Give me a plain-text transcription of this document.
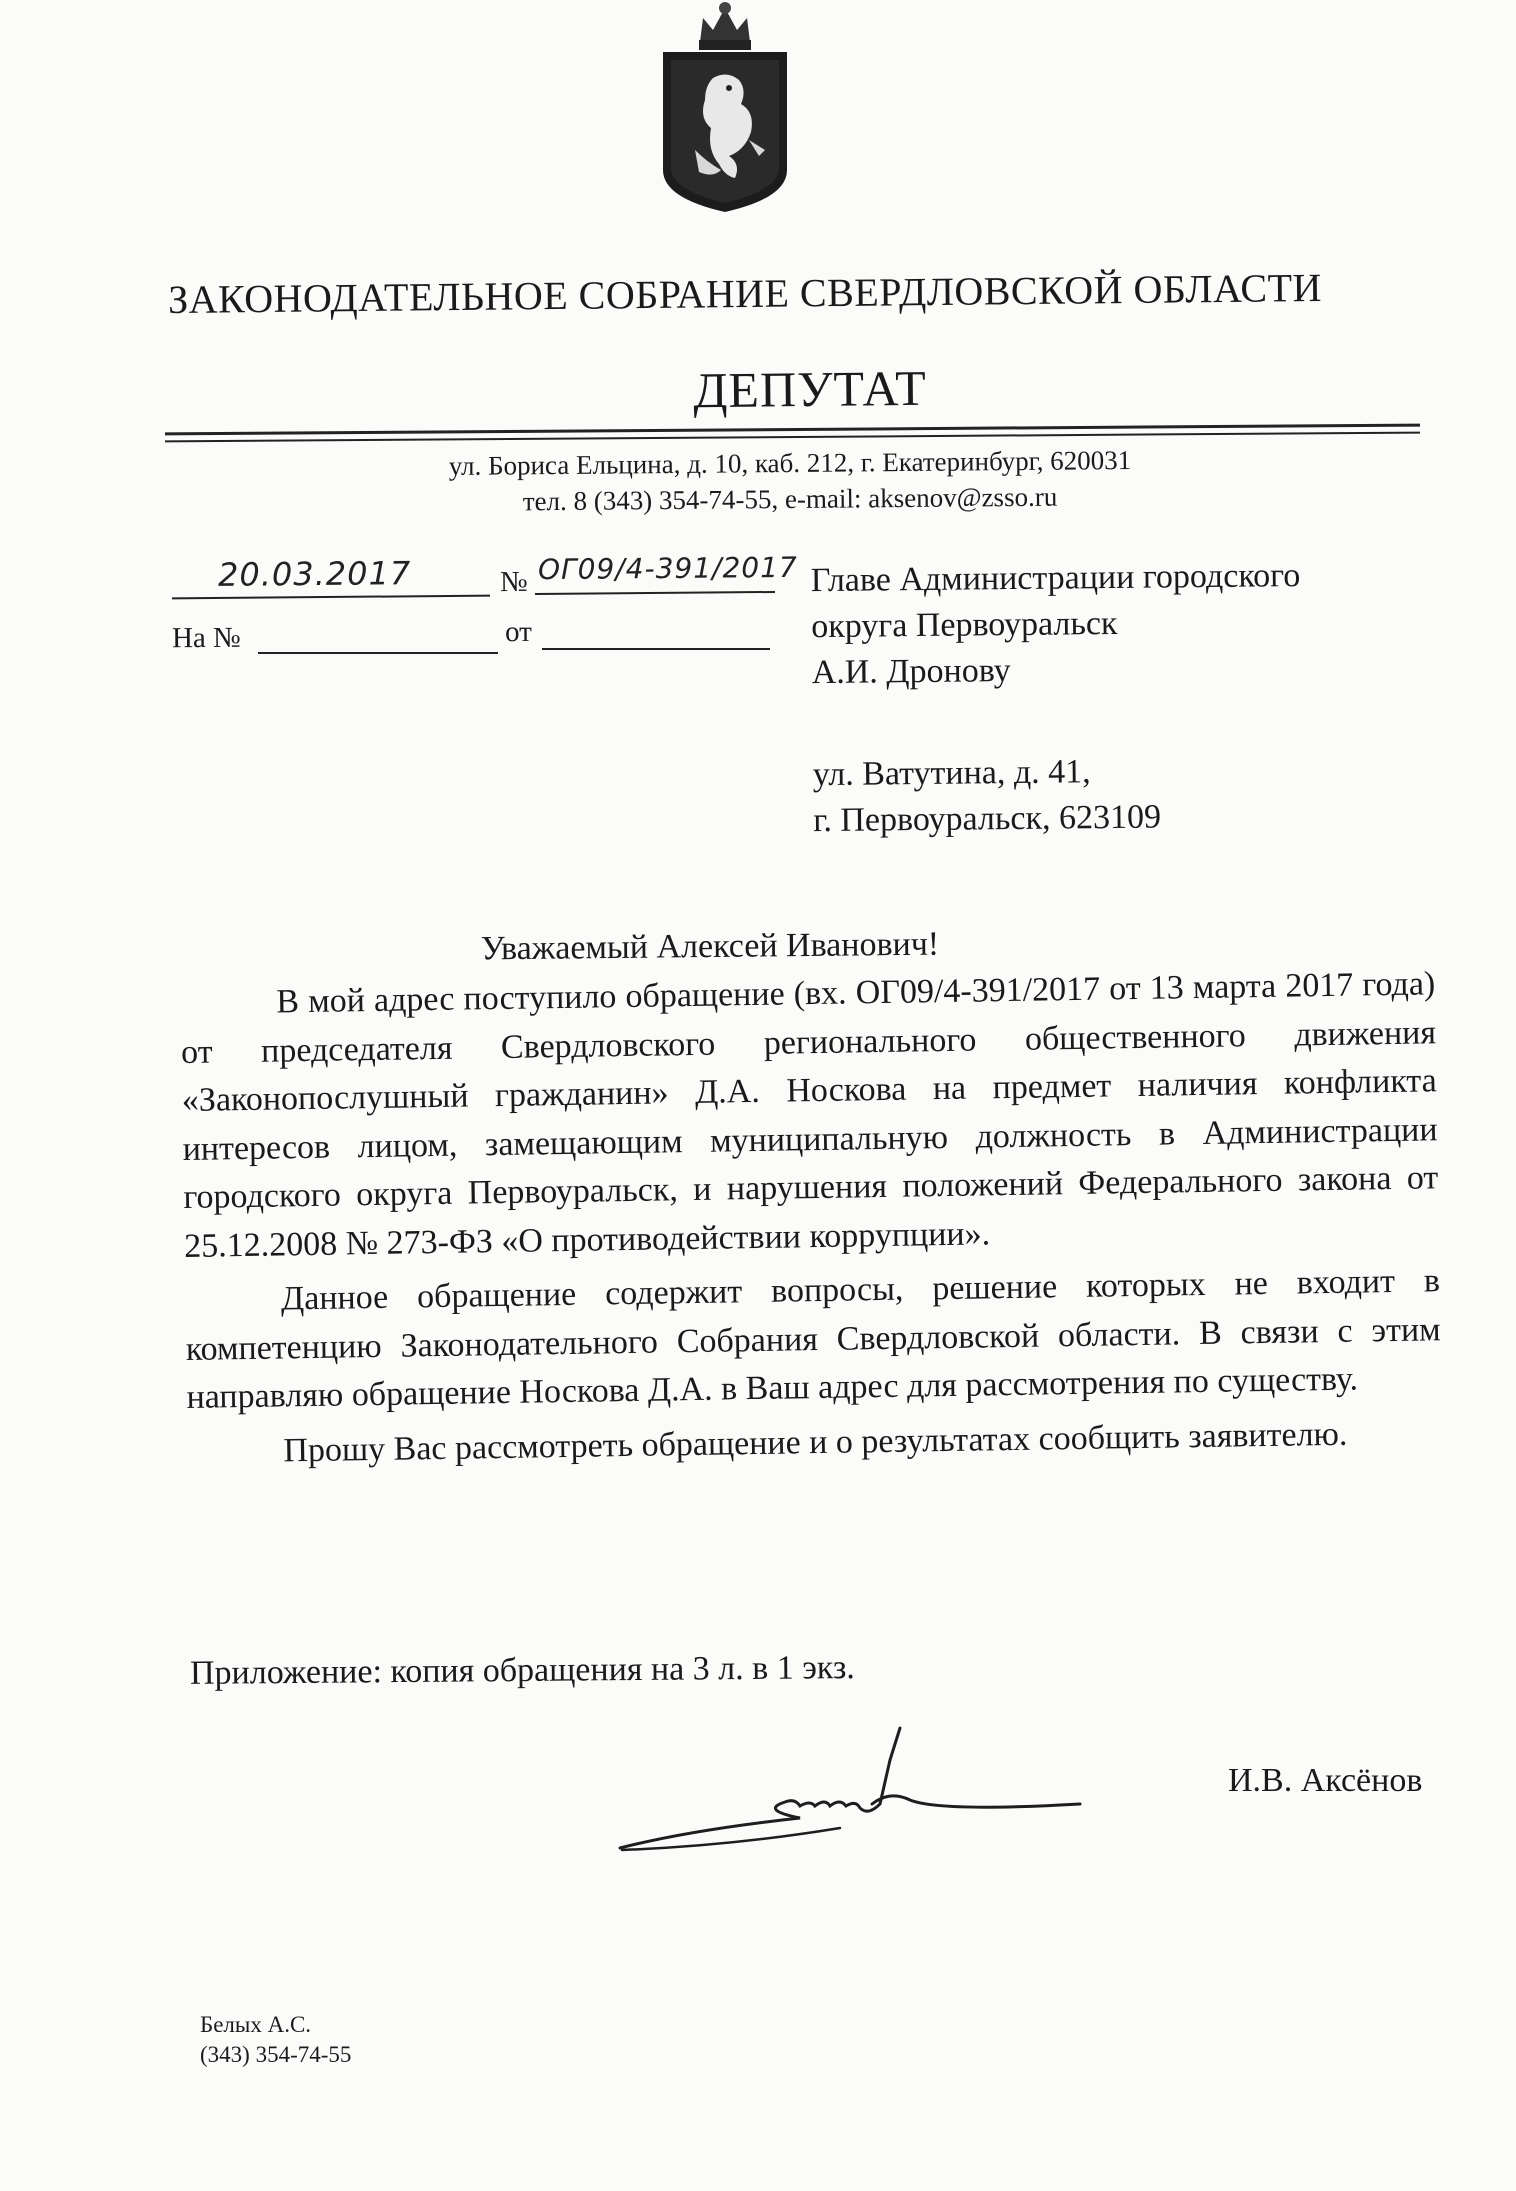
ЗАКОНОДАТЕЛЬНОЕ СОБРАНИЕ СВЕРДЛОВСКОЙ ОБЛАСТИ
ДЕПУТАТ
ул. Бориса Ельцина, д. 10, каб. 212, г. Екатеринбург, 620031
тел. 8 (343) 354-74-55, e-mail: aksenov@zsso.ru
20.03.2017	№ ОГ09/4-391/2017
На №	от
Главе Администрации городского
округа Первоуральск
А.И. Дронову
ул. Ватутина, д. 41,
г. Первоуральск, 623109
Уважаемый Алексей Иванович!

В мой адрес поступило обращение (вх. ОГ09/4-391/2017 от 13 марта 2017 года) от председателя Свердловского регионального общественного движения «Законопослушный гражданин» Д.А. Носкова на предмет наличия конфликта интересов лицом, замещающим муниципальную должность в Администрации городского округа Первоуральск, и нарушения положений Федерального закона от 25.12.2008 № 273-ФЗ «О противодействии коррупции».

Данное обращение содержит вопросы, решение которых не входит в компетенцию Законодательного Собрания Свердловской области. В связи с этим направляю обращение Носкова Д.А. в Ваш адрес для рассмотрения по существу.

Прошу Вас рассмотреть обращение и о результатах сообщить заявителю.

Приложение: копия обращения на 3 л. в 1 экз.
И.В. Аксёнов
Белых А.С.
(343) 354-74-55
